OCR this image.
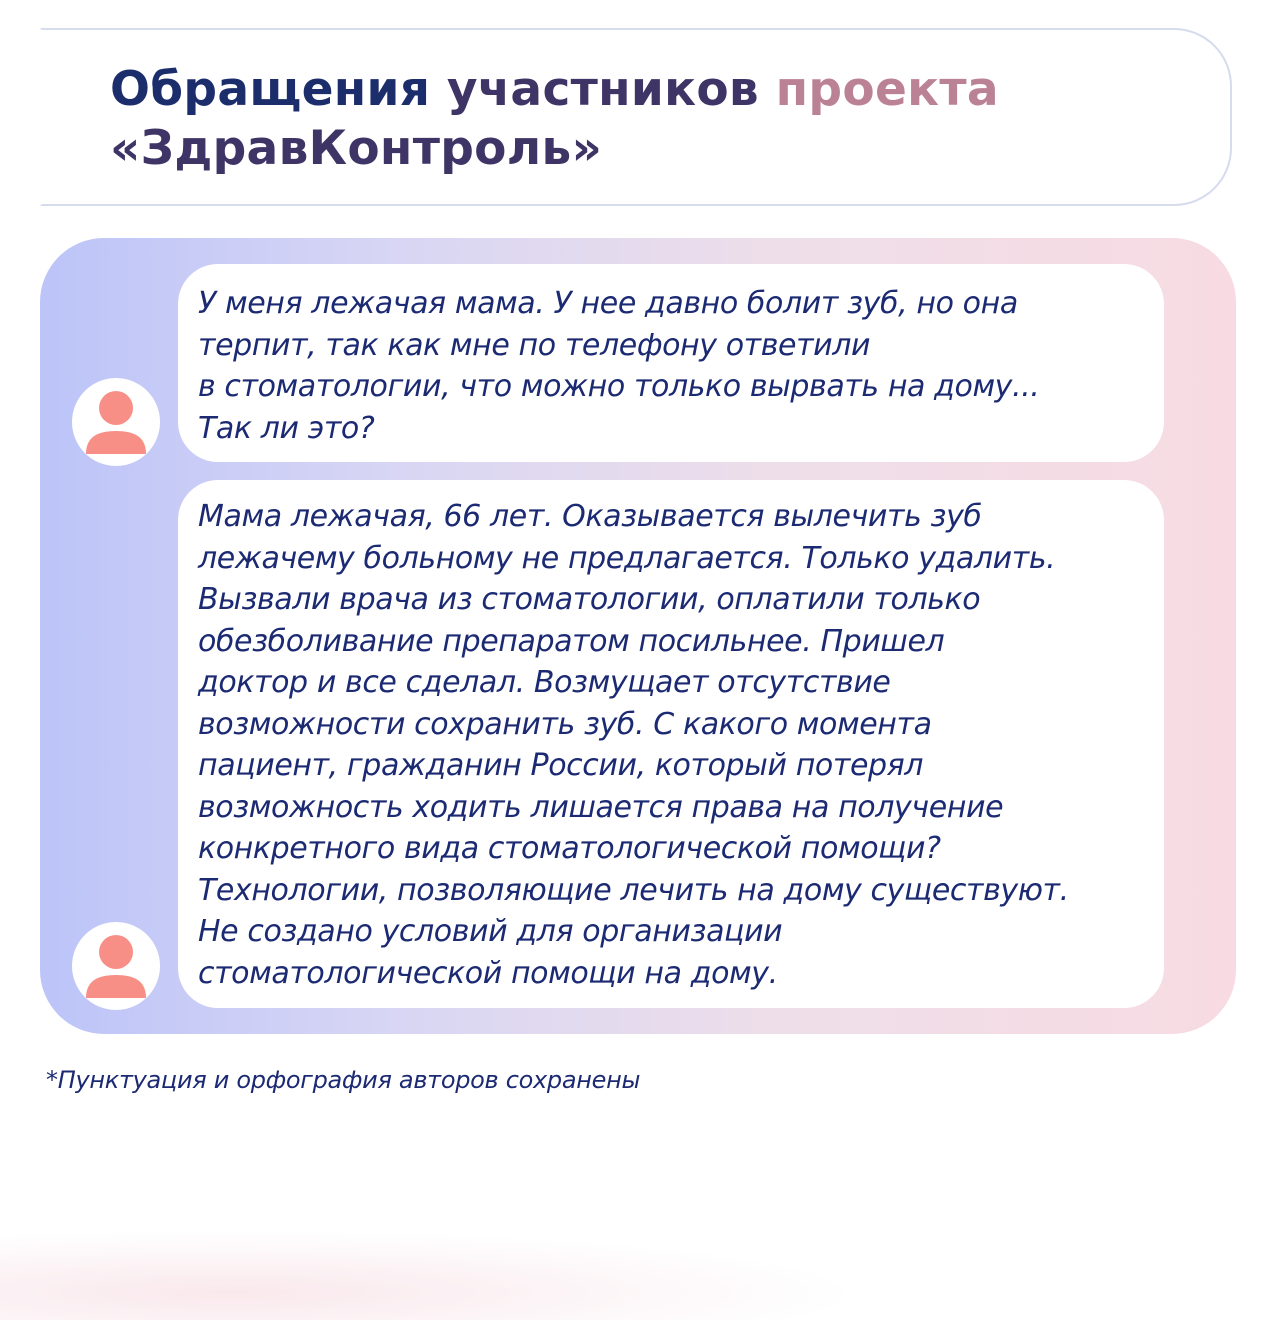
Обращения участников проекта
«ЗдравКонтроль»

У меня лежачая мама. У нее давно болит зуб, но она
терпит, так как мне по телефону ответили
в стоматологии, что можно только вырвать на дому...
Так ли это?

Мама лежачая, 66 лет. Оказывается вылечить зуб
лежачему больному не предлагается. Только удалить.
Вызвали врача из стоматологии, оплатили только
обезболивание препаратом посильнее. Пришел
доктор и все сделал. Возмущает отсутствие
возможности сохранить зуб. С какого момента
пациент, гражданин России, который потерял
возможность ходить лишается права на получение
конкретного вида стоматологической помощи?
Технологии, позволяющие лечить на дому существуют.
Не создано условий для организации
стоматологической помощи на дому.

*Пунктуация и орфография авторов сохранены
